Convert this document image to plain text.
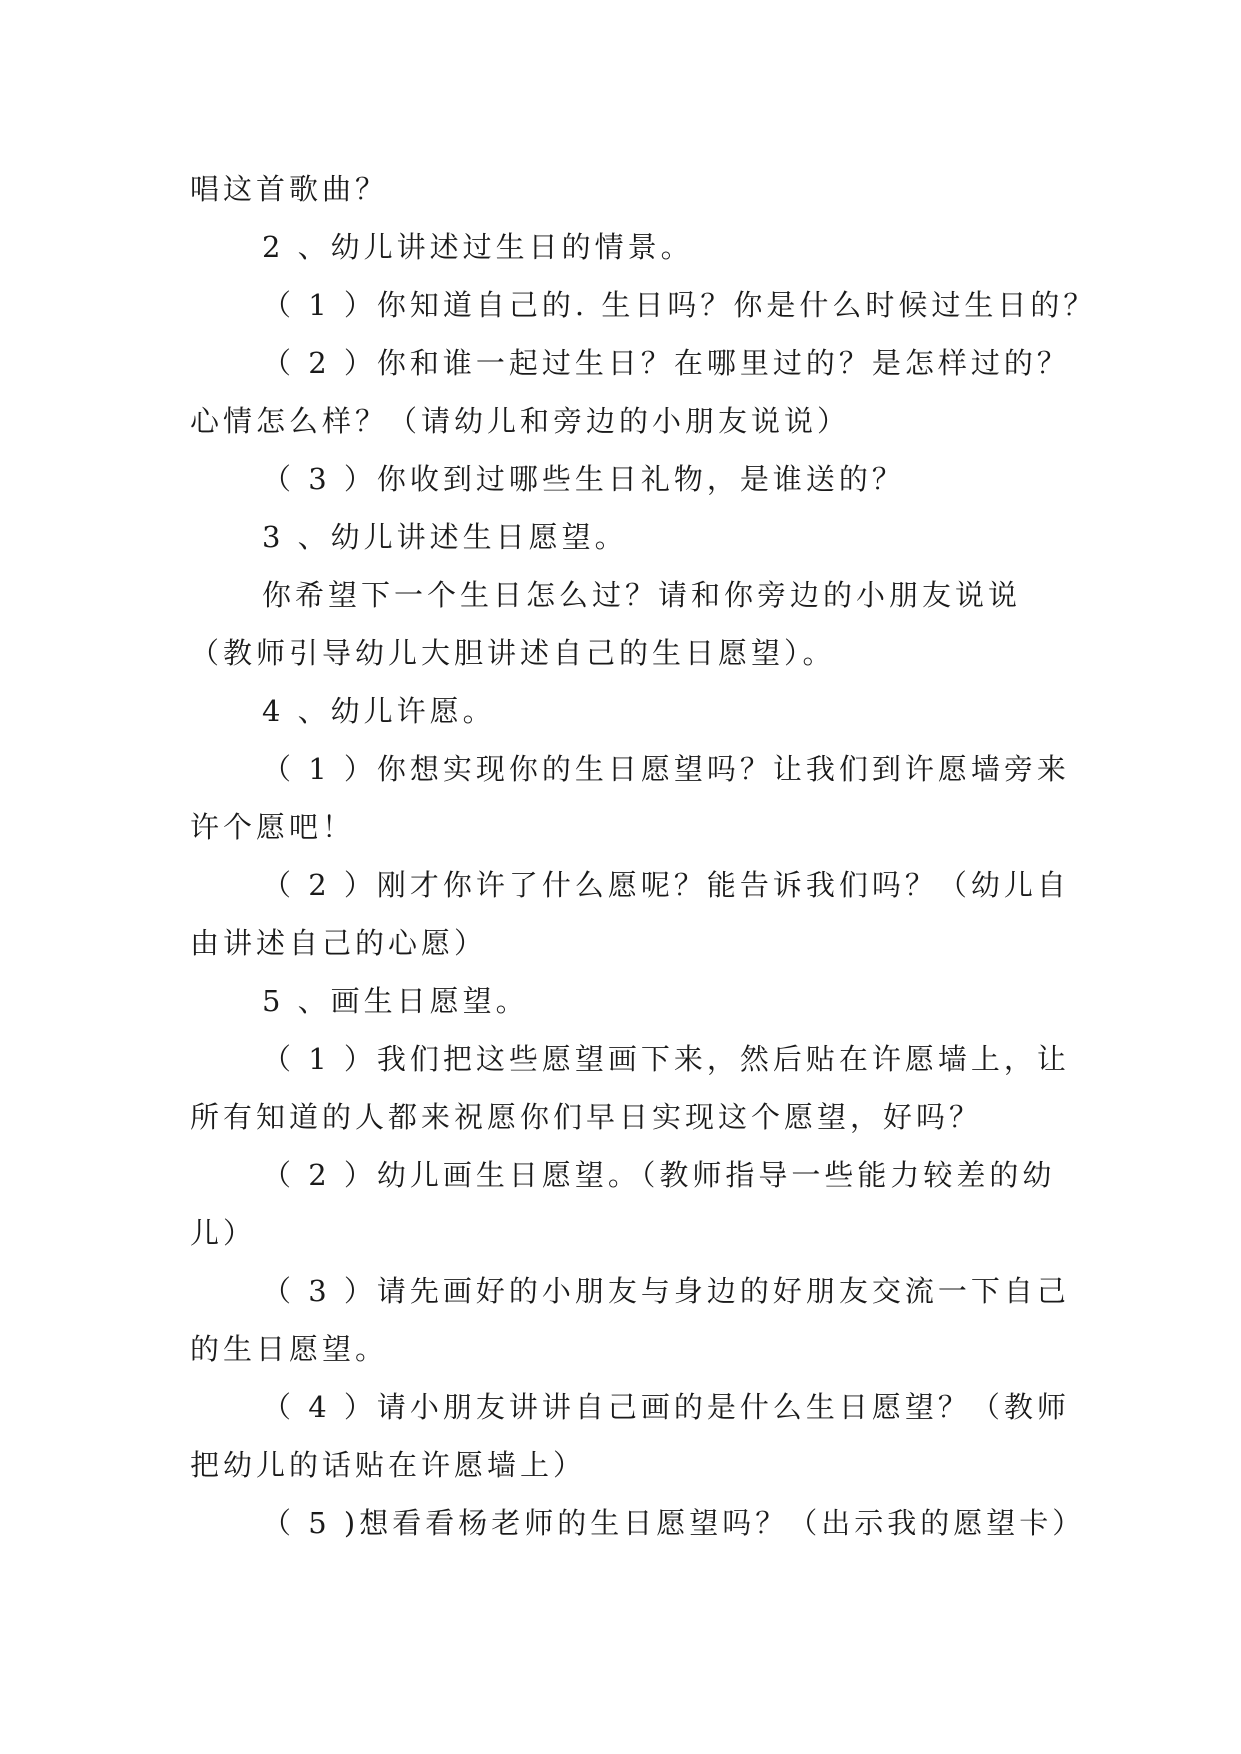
唱这首歌曲？
2 、幼儿讲述过生日的情景。
（ 1 ）你知道自己的. 生日吗？你是什么时候过生日的？
（ 2 ）你和谁一起过生日？在哪里过的？是怎样过的？
心情怎么样？（请幼儿和旁边的小朋友说说）
（ 3 ）你收到过哪些生日礼物，是谁送的？
3 、幼儿讲述生日愿望。
你希望下一个生日怎么过？请和你旁边的小朋友说说
（教师引导幼儿大胆讲述自己的生日愿望）。
4 、幼儿许愿。
（ 1 ）你想实现你的生日愿望吗？让我们到许愿墙旁来
许个愿吧！
（ 2 ）刚才你许了什么愿呢？能告诉我们吗？（幼儿自
由讲述自己的心愿）
5 、画生日愿望。
（ 1 ）我们把这些愿望画下来，然后贴在许愿墙上，让
所有知道的人都来祝愿你们早日实现这个愿望，好吗？
（ 2 ）幼儿画生日愿望。（教师指导一些能力较差的幼
儿）
（ 3 ）请先画好的小朋友与身边的好朋友交流一下自己
的生日愿望。
（ 4 ）请小朋友讲讲自己画的是什么生日愿望？（教师
把幼儿的话贴在许愿墙上）
（ 5 )想看看杨老师的生日愿望吗？（出示我的愿望卡）
